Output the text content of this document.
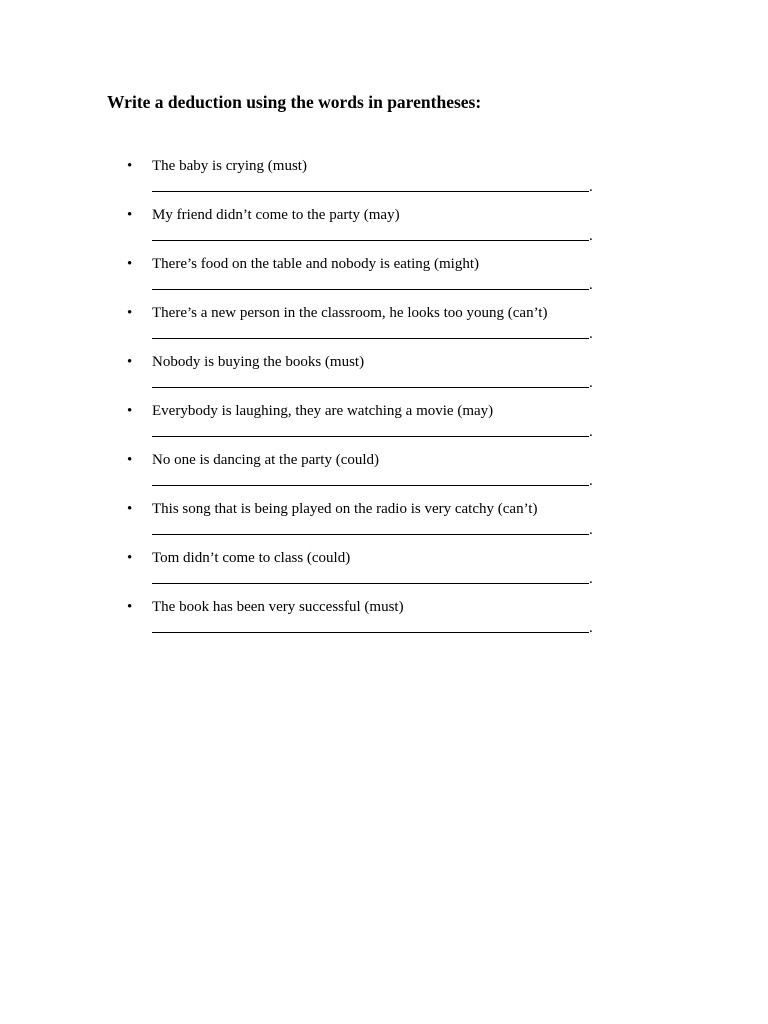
Write a deduction using the words in parentheses:
• The baby is crying (must)
.
• My friend didn’t come to the party (may)
.
• There’s food on the table and nobody is eating (might)
.
• There’s a new person in the classroom, he looks too young (can’t)
.
• Nobody is buying the books (must)
.
• Everybody is laughing, they are watching a movie (may)
.
• No one is dancing at the party (could)
.
• This song that is being played on the radio is very catchy (can’t)
.
• Tom didn’t come to class (could)
.
• The book has been very successful (must)
.
